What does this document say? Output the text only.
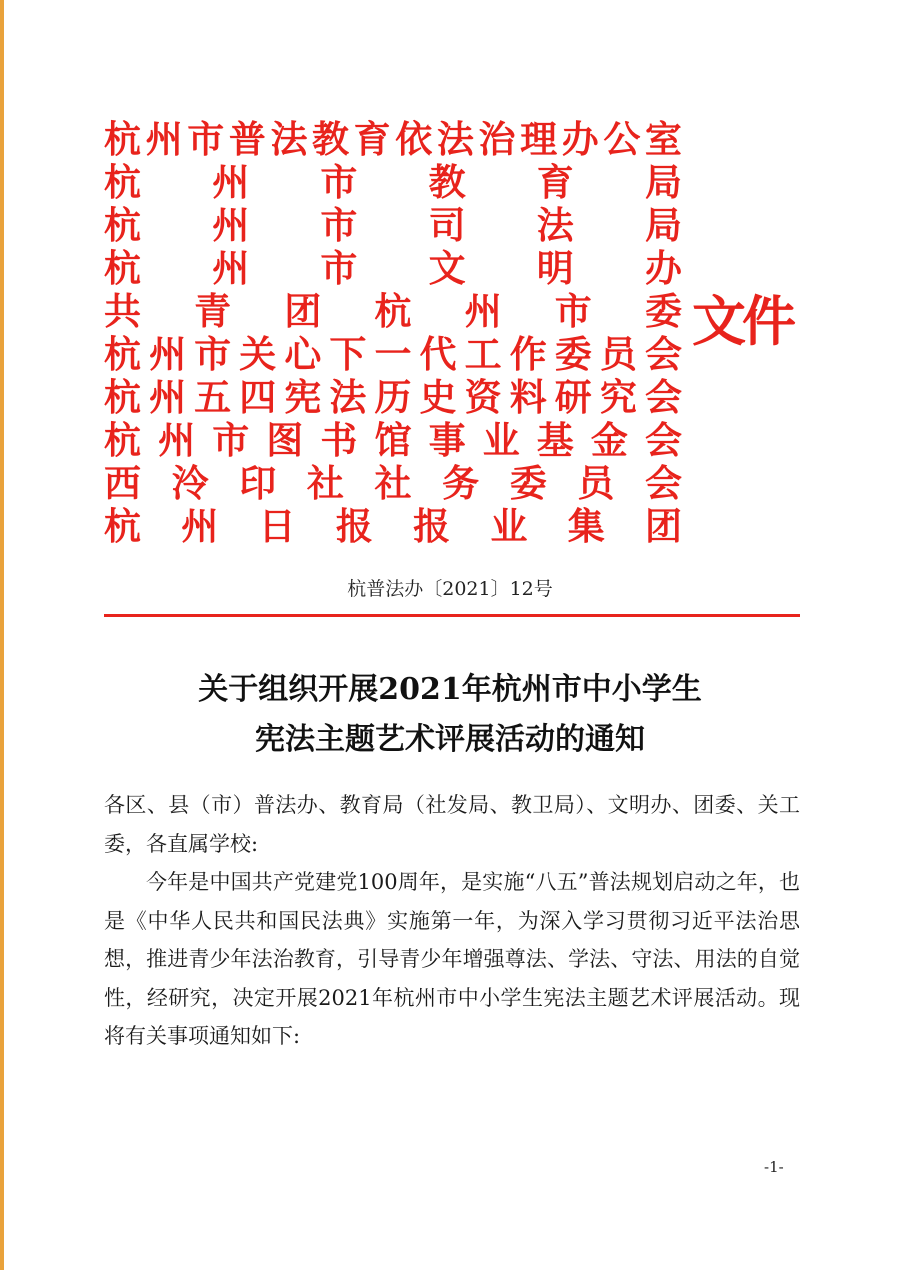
杭 州 市 普 法 教 育 依 法 治 理 办 公 室
杭 州 市 教 育 局
杭 州 市 司 法 局
杭 州 市 文 明 办
共 青 团 杭 州 市 委
杭 州 市 关 心 下 一 代 工 作 委 员 会
杭 州 五 四 宪 法 历 史 资 料 研 究 会
杭 州 市 图 书 馆 事 业 基 金 会
西 泠 印 社 社 务 委 员 会
杭 州 日 报 报 业 集 团
文件
杭普法办〔2021〕12号
关于组织开展2021年杭州市中小学生
宪法主题艺术评展活动的通知

各区、县（市）普法办、教育局（社发局、教卫局）、文明办、团委、关工委，各直属学校:

今年是中国共产党建党100周年，是实施“八五”普法规划启动之年，也是《中华人民共和国民法典》实施第一年，为深入学习贯彻习近平法治思想，推进青少年法治教育，引导青少年增强尊法、学法、守法、用法的自觉性，经研究，决定开展2021年杭州市中小学生宪法主题艺术评展活动。现将有关事项通知如下:

-1-
